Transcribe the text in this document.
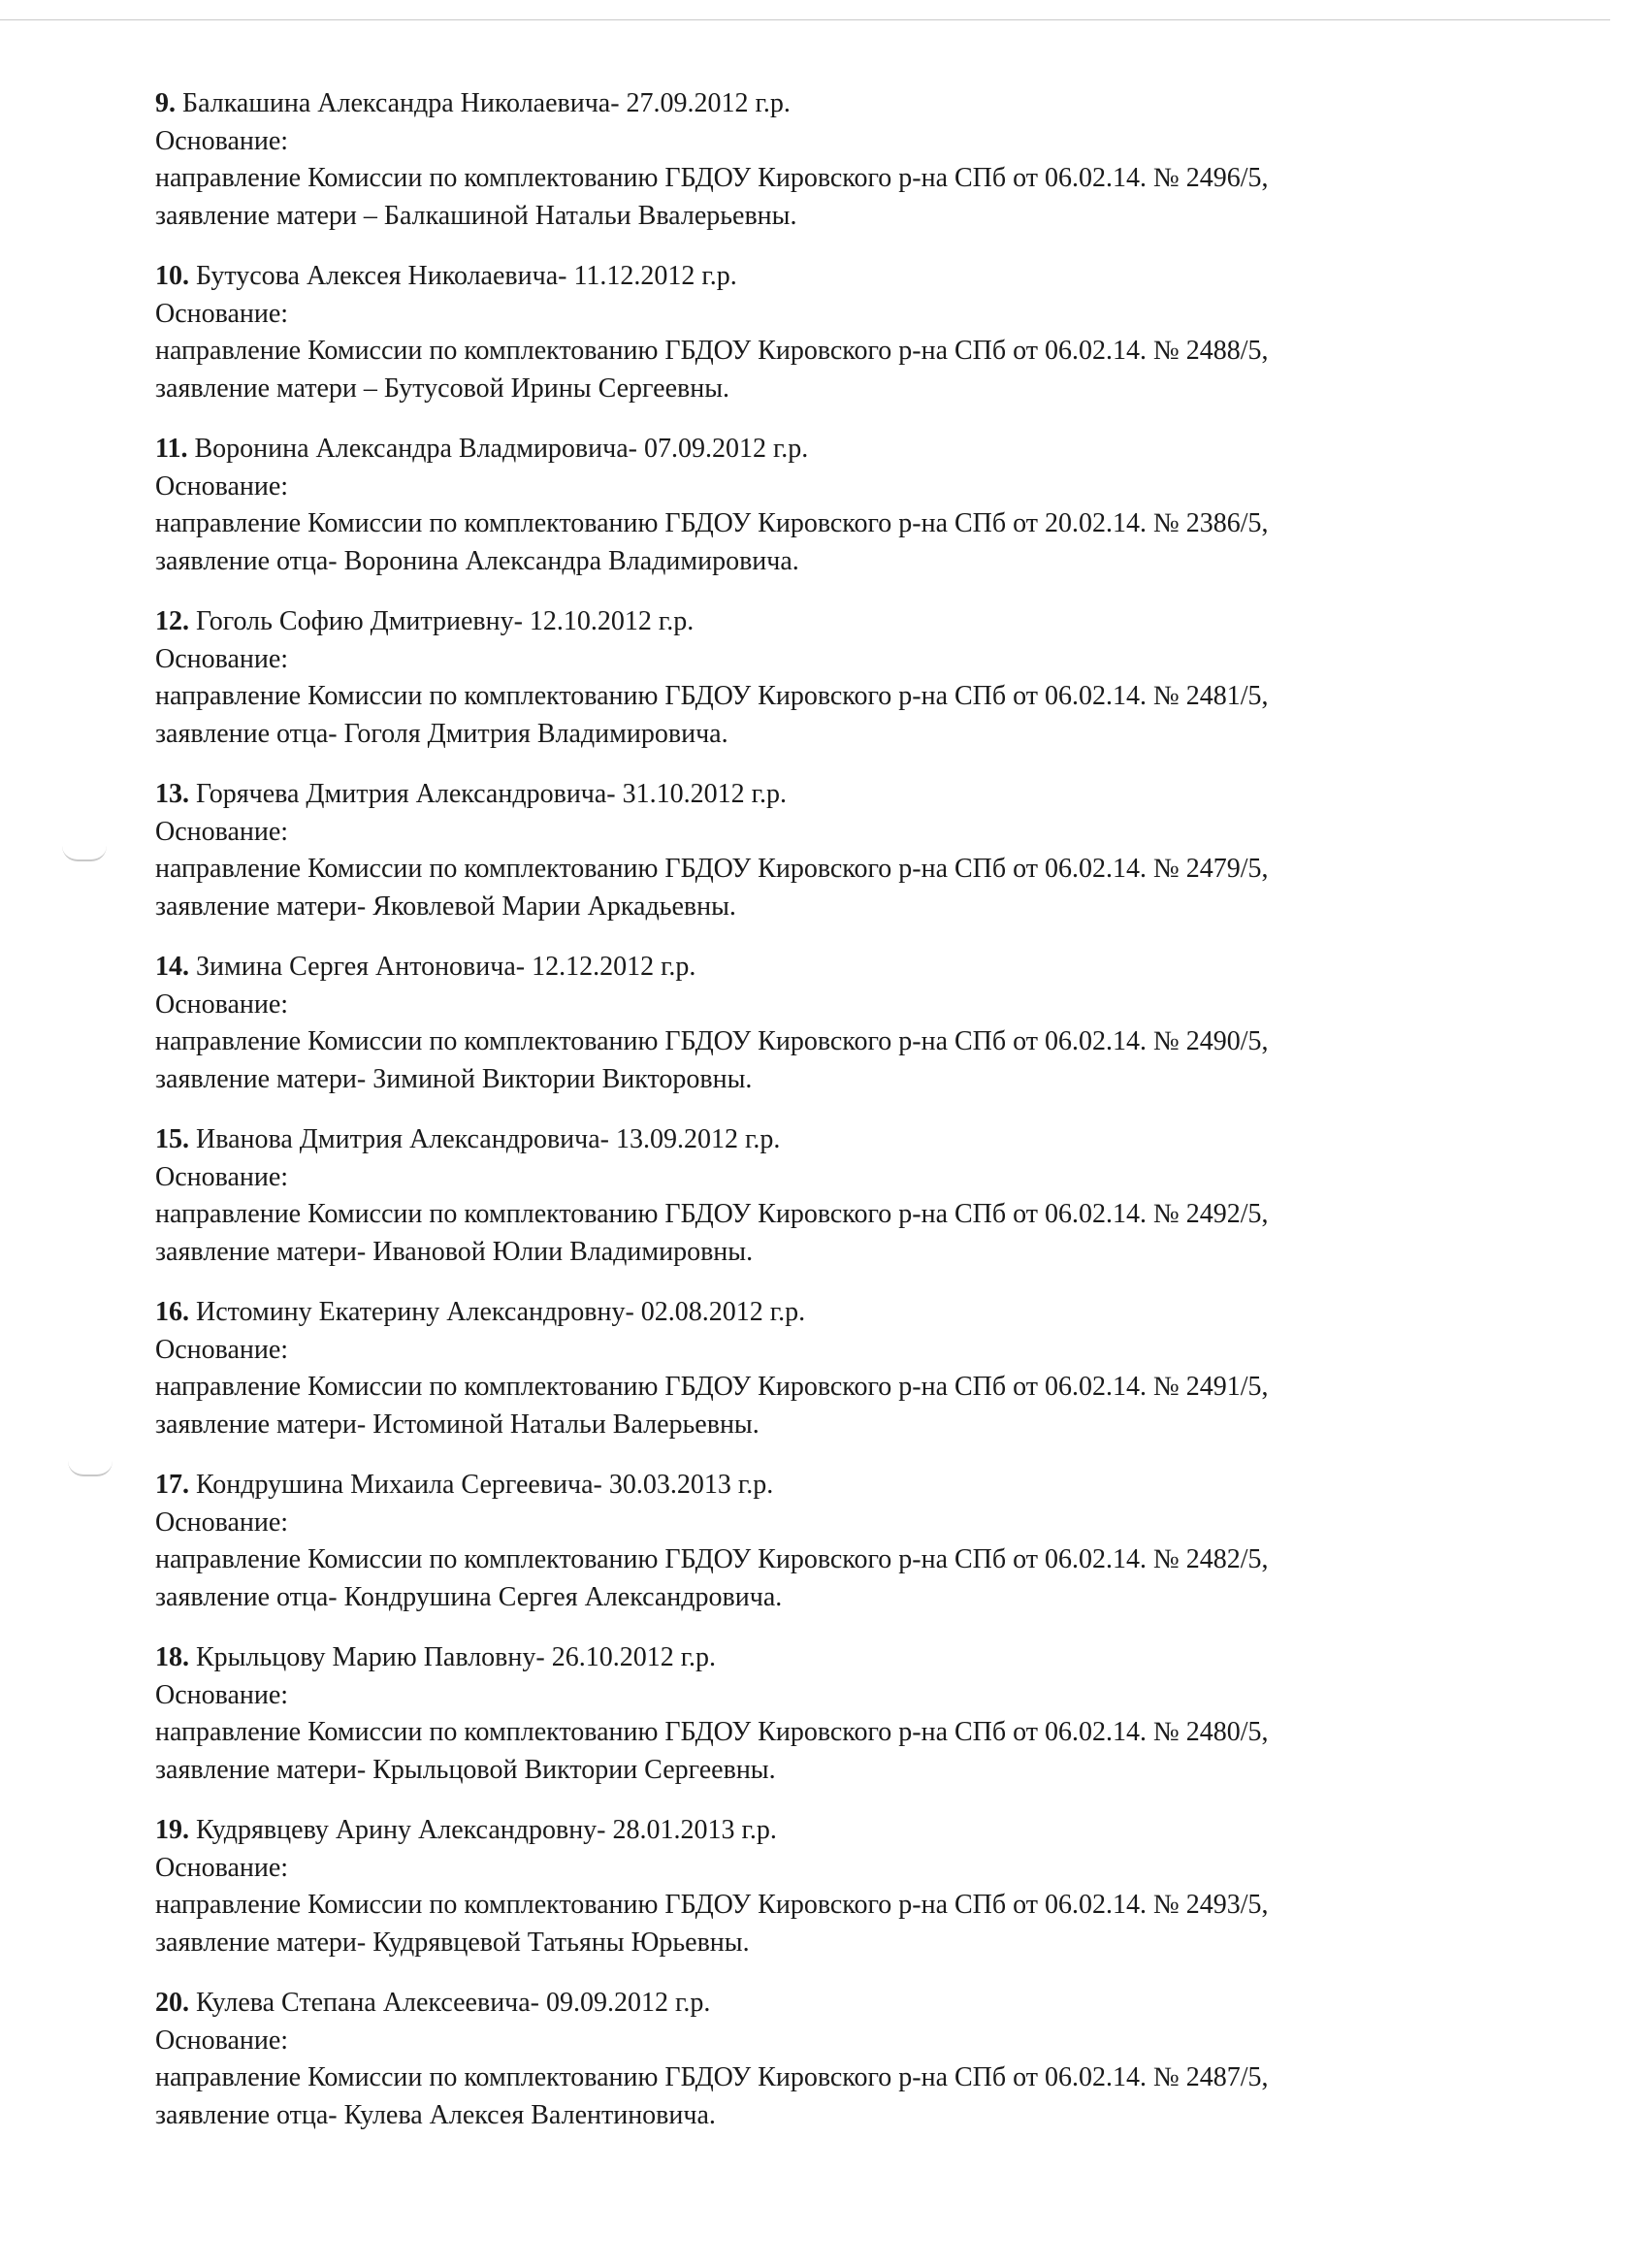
9. Балкашина Александра Николаевича- 27.09.2012 г.р.
Основание:
направление Комиссии по комплектованию ГБДОУ Кировского р-на СПб от 06.02.14. № 2496/5,
заявление матери – Балкашиной Натальи Ввалерьевны.
10. Бутусова Алексея Николаевича- 11.12.2012 г.р.
Основание:
направление Комиссии по комплектованию ГБДОУ Кировского р-на СПб от 06.02.14. № 2488/5,
заявление матери – Бутусовой Ирины Сергеевны.
11. Воронина Александра Владмировича- 07.09.2012 г.р.
Основание:
направление Комиссии по комплектованию ГБДОУ Кировского р-на СПб от 20.02.14. № 2386/5,
заявление отца- Воронина Александра Владимировича.
12. Гоголь Софию Дмитриевну- 12.10.2012 г.р.
Основание:
направление Комиссии по комплектованию ГБДОУ Кировского р-на СПб от 06.02.14. № 2481/5,
заявление отца- Гоголя Дмитрия Владимировича.
13. Горячева Дмитрия Александровича- 31.10.2012 г.р.
Основание:
направление Комиссии по комплектованию ГБДОУ Кировского р-на СПб от 06.02.14. № 2479/5,
заявление матери- Яковлевой Марии Аркадьевны.
14. Зимина Сергея Антоновича- 12.12.2012 г.р.
Основание:
направление Комиссии по комплектованию ГБДОУ Кировского р-на СПб от 06.02.14. № 2490/5,
заявление матери- Зиминой Виктории Викторовны.
15. Иванова Дмитрия Александровича- 13.09.2012 г.р.
Основание:
направление Комиссии по комплектованию ГБДОУ Кировского р-на СПб от 06.02.14. № 2492/5,
заявление матери- Ивановой Юлии Владимировны.
16. Истомину Екатерину Александровну- 02.08.2012 г.р.
Основание:
направление Комиссии по комплектованию ГБДОУ Кировского р-на СПб от 06.02.14. № 2491/5,
заявление матери- Истоминой Натальи Валерьевны.
17. Кондрушина Михаила Сергеевича- 30.03.2013 г.р.
Основание:
направление Комиссии по комплектованию ГБДОУ Кировского р-на СПб от 06.02.14. № 2482/5,
заявление отца- Кондрушина Сергея Александровича.
18. Крыльцову Марию Павловну- 26.10.2012 г.р.
Основание:
направление Комиссии по комплектованию ГБДОУ Кировского р-на СПб от 06.02.14. № 2480/5,
заявление матери- Крыльцовой Виктории Сергеевны.
19. Кудрявцеву Арину Александровну- 28.01.2013 г.р.
Основание:
направление Комиссии по комплектованию ГБДОУ Кировского р-на СПб от 06.02.14. № 2493/5,
заявление матери- Кудрявцевой Татьяны Юрьевны.
20. Кулева Степана Алексеевича- 09.09.2012 г.р.
Основание:
направление Комиссии по комплектованию ГБДОУ Кировского р-на СПб от 06.02.14. № 2487/5,
заявление отца- Кулева Алексея Валентиновича.
